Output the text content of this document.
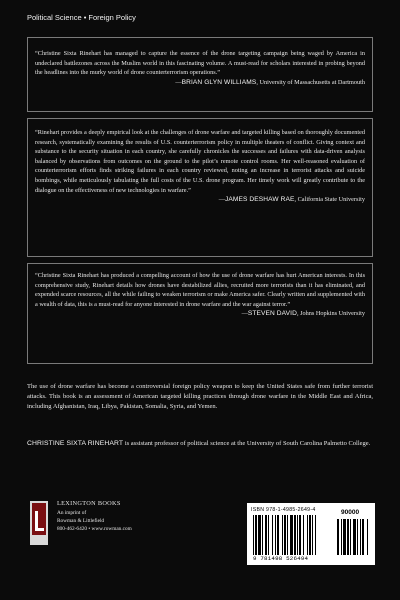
Political Science • Foreign Policy
“Christine Sixta Rinehart has managed to capture the essence of the drone targeting campaign being waged by America in undeclared battlezones across the Muslim world in this fascinating volume. A must-read for scholars interested in probing beyond the headlines into the murky world of drone counterterrorism operations.”
—BRIAN GLYN WILLIAMS, University of Massachusetts at Dartmouth
“Rinehart provides a deeply empirical look at the challenges of drone warfare and targeted killing based on thoroughly documented research, systematically examining the results of U.S. counterterrorism policy in multiple theaters of conflict. Giving context and substance to the security situation in each country, she carefully chronicles the successes and failures with data-driven analysis balanced by observations from outcomes on the ground to the pilot’s remote control rooms. Her well-reasoned evaluation of counterterrorism efforts finds striking failures in each country reviewed, noting an increase in terrorist attacks and suicide bombings, while meticulously tabulating the full costs of the U.S. drone program. Her timely work will greatly contribute to the dialogue on the effectiveness of new technologies in warfare.”
—JAMES DESHAW RAE, California State University
“Christine Sixta Rinehart has produced a compelling account of how the use of drone warfare has hurt American interests. In this comprehensive study, Rinehart details how drones have destabilized allies, recruited more terrorists than it has eliminated, and expended scarce resources, all the while failing to weaken terrorism or make America safer. Clearly written and supplemented with a wealth of data, this is a must-read for anyone interested in drone warfare and the war against terror.”
—STEVEN DAVID, Johns Hopkins University
The use of drone warfare has become a controversial foreign policy weapon to keep the United States safe from further terrorist attacks. This book is an assessment of American targeted killing practices through drone warfare in the Middle East and Africa, including Afghanistan, Iraq, Libya, Pakistan, Somalia, Syria, and Yemen.
CHRISTINE SIXTA RINEHART is assistant professor of political science at the University of South Carolina Palmetto College.
LEXINGTON BOOKS
An imprint of
Rowman & Littlefield
800-462-6420 • www.rowman.com
ISBN 978-1-4985-2649-4	90000
9 781498 526494
